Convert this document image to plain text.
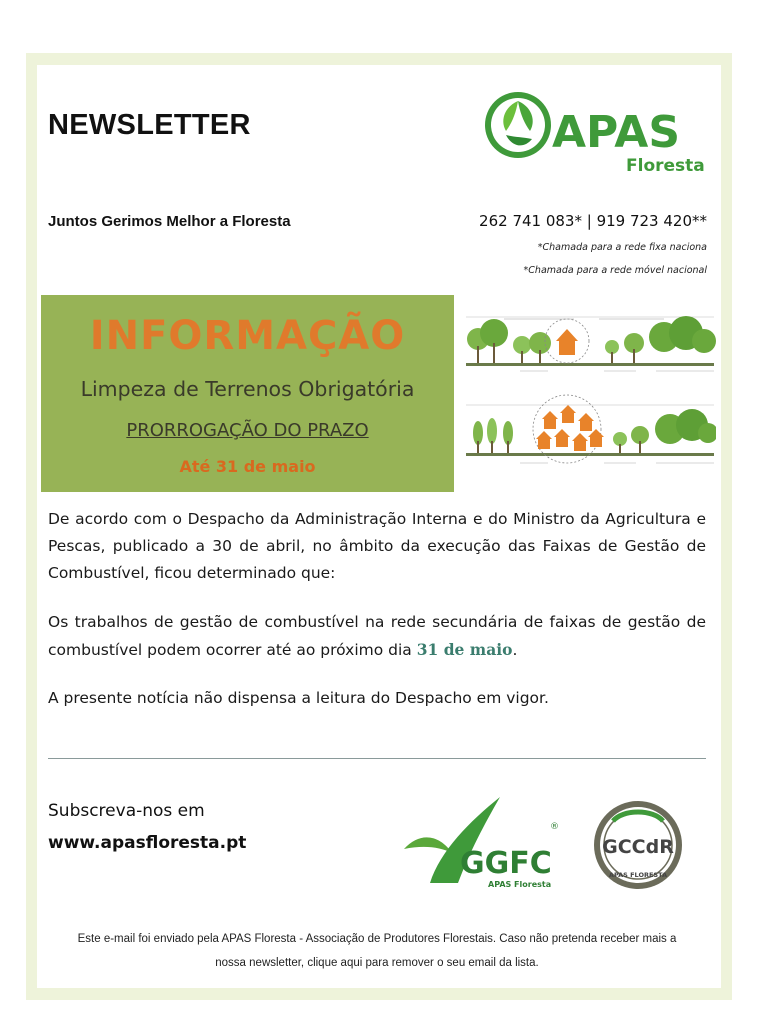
NEWSLETTER	APAS
Floresta
Juntos Gerimos Melhor a Floresta	262 741 083* | 919 723 420**
*Chamada para a rede fixa naciona
*Chamada para a rede móvel nacional
INFORMAÇÃO
Limpeza de Terrenos Obrigatória
PRORROGAÇÃO DO PRAZO
Até 31 de maio
De acordo com o Despacho da Administração Interna e do Ministro da Agricultura e Pescas, publicado a 30 de abril, no âmbito da execução das Faixas de Gestão de Combustível, ficou determinado que:
Os trabalhos de gestão de combustível na rede secundária de faixas de gestão de combustível podem ocorrer até ao próximo dia 31 de maio.
A presente notícia não dispensa a leitura do Despacho em vigor.
Subscreva-nos em
www.apasfloresta.pt
GGFC
®
APAS Floresta
GCCdR
APAS FLORESTA
Este e-mail foi enviado pela APAS Floresta - Associação de Produtores Florestais. Caso não pretenda receber mais a
nossa newsletter, clique aqui para remover o seu email da lista.
